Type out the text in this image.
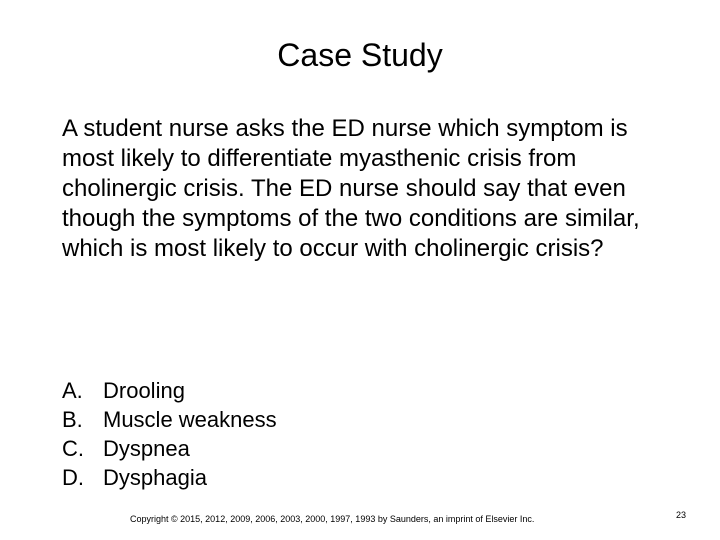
Case Study

A student nurse asks the ED nurse which symptom is most likely to differentiate myasthenic crisis from cholinergic crisis. The ED nurse should say that even though the symptoms of the two conditions are similar, which is most likely to occur with cholinergic crisis?

A. Drooling
B. Muscle weakness
C. Dyspnea
D. Dysphagia
Copyright © 2015, 2012, 2009, 2006, 2003, 2000, 1997, 1993 by Saunders, an imprint of Elsevier Inc.	23
